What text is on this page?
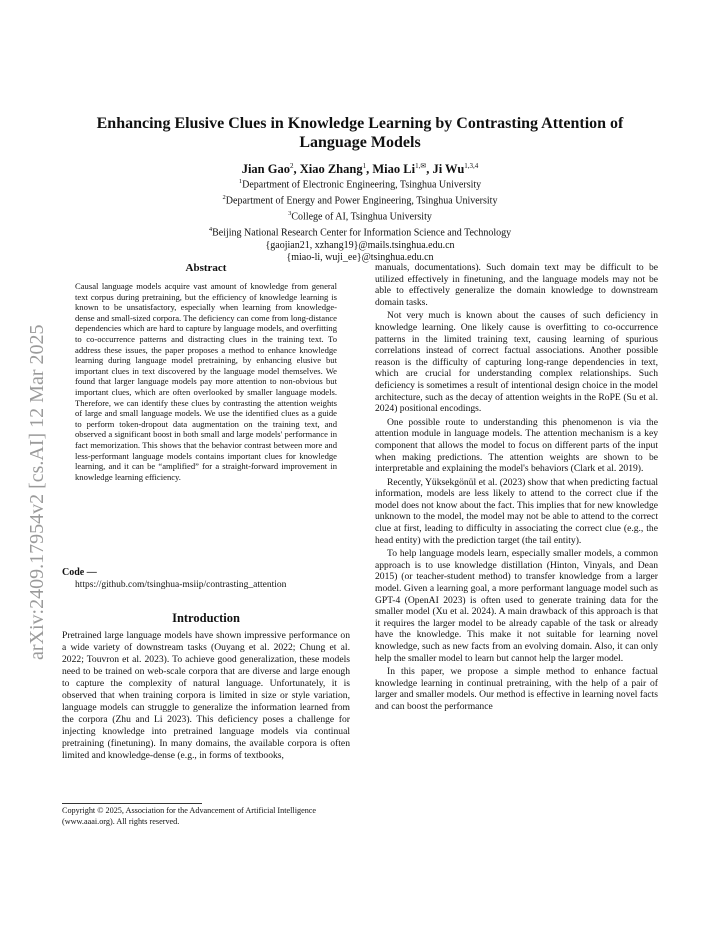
arXiv:2409.17954v2 [cs.AI] 12 Mar 2025
Enhancing Elusive Clues in Knowledge Learning by Contrasting Attention of Language Models
Jian Gao$^2$, Xiao Zhang$^1$, Miao $Li^{1,✉}$, Ji Wu$^{1,3,4}$
$^1$Department of Electronic Engineering, Tsinghua University
$^2$Department of Energy and Power Engineering, Tsinghua University
$^3$College of AI, Tsinghua University
$^4$Beijing National Research Center for Information Science and Technology
{gaojian21, xzhang19}@mails.tsinghua.edu.cn
{miao-li, wuji_ee}@tsinghua.edu.cn
Abstract
Causal language models acquire vast amount of knowledge from general text corpus during pretraining, but the efficiency of knowledge learning is known to be unsatisfactory, especially when learning from knowledge-dense and small-sized corpora. The deficiency can come from long-distance dependencies which are hard to capture by language models, and overfitting to co-occurrence patterns and distracting clues in the training text. To address these issues, the paper proposes a method to enhance knowledge learning during language model pretraining, by enhancing elusive but important clues in text discovered by the language model themselves. We found that larger language models pay more attention to non-obvious but important clues, which are often overlooked by smaller language models. Therefore, we can identify these clues by contrasting the attention weights of large and small language models. We use the identified clues as a guide to perform token-dropout data augmentation on the training text, and observed a significant boost in both small and large models' performance in fact memorization. This shows that the behavior contrast between more and less-performant language models contains important clues for knowledge learning, and it can be “amplified” for a straight-forward improvement in knowledge learning efficiency.
Code —
https://github.com/tsinghua-msiip/contrasting_attention
Introduction
Pretrained large language models have shown impressive performance on a wide variety of downstream tasks (Ouyang et al. 2022; Chung et al. 2022; Touvron et al. 2023). To achieve good generalization, these models need to be trained on web-scale corpora that are diverse and large enough to capture the complexity of natural language. Unfortunately, it is observed that when training corpora is limited in size or style variation, language models can struggle to generalize the information learned from the corpora (Zhu and Li 2023). This deficiency poses a challenge for injecting knowledge into pretrained language models via continual pretraining (finetuning). In many domains, the available corpora is often limited and knowledge-dense (e.g., in forms of textbooks,
Copyright © 2025, Association for the Advancement of Artificial Intelligence (www.aaai.org). All rights reserved.

manuals, documentations). Such domain text may be difficult to be utilized effectively in finetuning, and the language models may not be able to effectively generalize the domain knowledge to downstream domain tasks.

Not very much is known about the causes of such deficiency in knowledge learning. One likely cause is overfitting to co-occurrence patterns in the limited training text, causing learning of spurious correlations instead of correct factual associations. Another possible reason is the difficulty of capturing long-range dependencies in text, which are crucial for understanding complex relationships. Such deficiency is sometimes a result of intentional design choice in the model architecture, such as the decay of attention weights in the RoPE (Su et al. 2024) positional encodings.

One possible route to understanding this phenomenon is via the attention module in language models. The attention mechanism is a key component that allows the model to focus on different parts of the input when making predictions. The attention weights are shown to be interpretable and explaining the model's behaviors (Clark et al. 2019).

Recently, Yüksekgönül et al. (2023) show that when predicting factual information, models are less likely to attend to the correct clue if the model does not know about the fact. This implies that for new knowledge unknown to the model, the model may not be able to attend to the correct clue at first, leading to difficulty in associating the correct clue (e.g., the head entity) with the prediction target (the tail entity).

To help language models learn, especially smaller models, a common approach is to use knowledge distillation (Hinton, Vinyals, and Dean 2015) (or teacher-student method) to transfer knowledge from a larger model. Given a learning goal, a more performant language model such as GPT-4 (OpenAI 2023) is often used to generate training data for the smaller model (Xu et al. 2024). A main drawback of this approach is that it requires the larger model to be already capable of the task or already have the knowledge. This make it not suitable for learning novel knowledge, such as new facts from an evolving domain. Also, it can only help the smaller model to learn but cannot help the larger model.

In this paper, we propose a simple method to enhance factual knowledge learning in continual pretraining, with the help of a pair of larger and smaller models. Our method is effective in learning novel facts and can boost the performance
